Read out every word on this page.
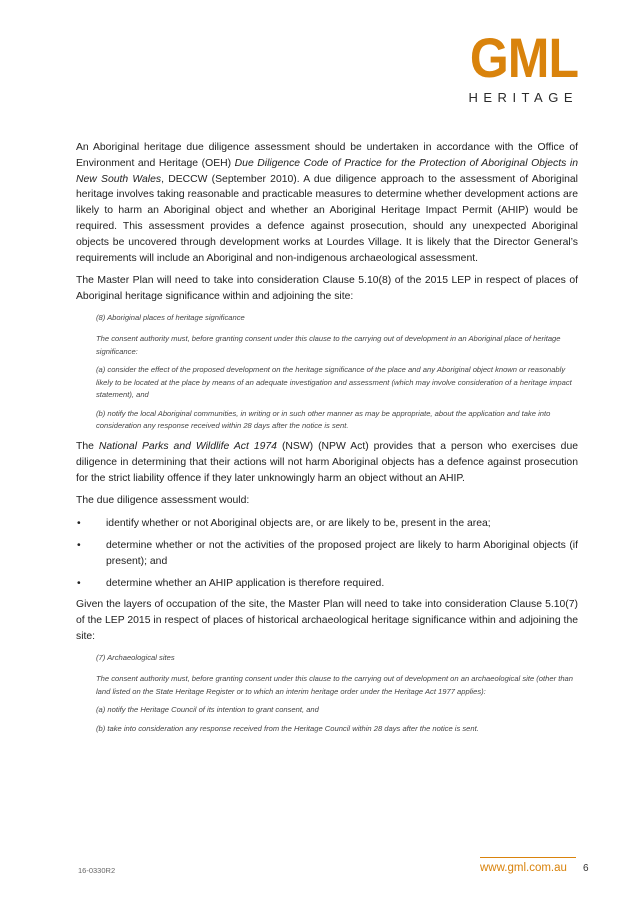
GML
HERITAGE

An Aboriginal heritage due diligence assessment should be undertaken in accordance with the Office of Environment and Heritage (OEH) Due Diligence Code of Practice for the Protection of Aboriginal Objects in New South Wales, DECCW (September 2010). A due diligence approach to the assessment of Aboriginal heritage involves taking reasonable and practicable measures to determine whether development actions are likely to harm an Aboriginal object and whether an Aboriginal Heritage Impact Permit (AHIP) would be required. This assessment provides a defence against prosecution, should any unexpected Aboriginal objects be uncovered through development works at Lourdes Village. It is likely that the Director General’s requirements will include an Aboriginal and non-indigenous archaeological assessment.

The Master Plan will need to take into consideration Clause 5.10(8) of the 2015 LEP in respect of places of Aboriginal heritage significance within and adjoining the site:

(8) Aboriginal places of heritage significance

The consent authority must, before granting consent under this clause to the carrying out of development in an Aboriginal place of heritage significance:

(a) consider the effect of the proposed development on the heritage significance of the place and any Aboriginal object known or reasonably likely to be located at the place by means of an adequate investigation and assessment (which may involve consideration of a heritage impact statement), and

(b) notify the local Aboriginal communities, in writing or in such other manner as may be appropriate, about the application and take into consideration any response received within 28 days after the notice is sent.

The National Parks and Wildlife Act 1974 (NSW) (NPW Act) provides that a person who exercises due diligence in determining that their actions will not harm Aboriginal objects has a defence against prosecution for the strict liability offence if they later unknowingly harm an object without an AHIP.

The due diligence assessment would:

• identify whether or not Aboriginal objects are, or are likely to be, present in the area;
• determine whether or not the activities of the proposed project are likely to harm Aboriginal objects (if present); and
• determine whether an AHIP application is therefore required.

Given the layers of occupation of the site, the Master Plan will need to take into consideration Clause 5.10(7) of the LEP 2015 in respect of places of historical archaeological heritage significance within and adjoining the site:

(7) Archaeological sites

The consent authority must, before granting consent under this clause to the carrying out of development on an archaeological site (other than land listed on the State Heritage Register or to which an interim heritage order under the Heritage Act 1977 applies):

(a) notify the Heritage Council of its intention to grant consent, and

(b) take into consideration any response received from the Heritage Council within 28 days after the notice is sent.

16-0330R2	www.gml.com.au 6
